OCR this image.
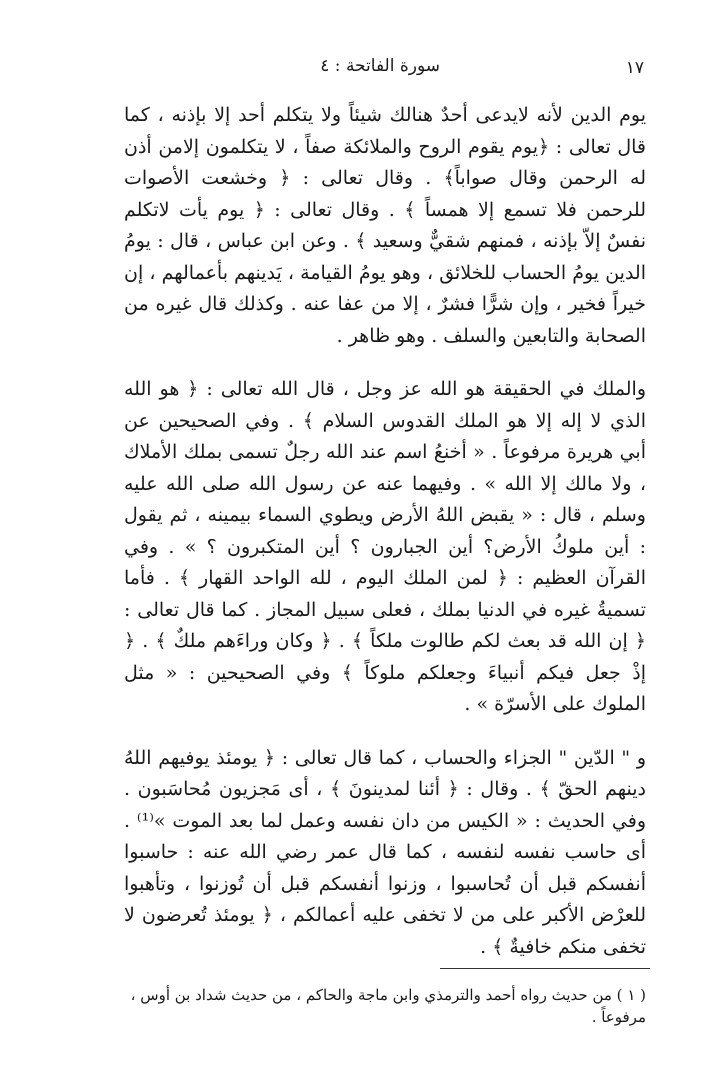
١٧
سورة الفاتحة : ٤

يوم الدين لأنه لايدعى أحدٌ هنالك شيئاً ولا يتكلم أحد إلا بإذنه ، كما قال تعالى : ﴿يوم يقوم الروح والملائكة صفاً ، لا يتكلمون إلامن أذن له الرحمن وقال صواباً﴾ . وقال تعالى : ﴿ وخشعت الأصوات للرحمن فلا تسمع إلا همساً ﴾ . وقال تعالى : ﴿ يوم يأت لاتكلم نفسٌ إلاّ بإذنه ، فمنهم شقيٌّ وسعيد ﴾ . وعن ابن عباس ، قال : يومُ الدين يومُ الحساب للخلائق ، وهو يومُ القيامة ، يَدينهم بأعمالهم ، إن خيراً فخير ، وإن شرًّا فشرٌ ، إلا من عفا عنه . وكذلك قال غيره من الصحابة والتابعين والسلف . وهو ظاهر .

والملك في الحقيقة هو الله عز وجل ، قال الله تعالى : ﴿ هو الله الذي لا إله إلا هو الملك القدوس السلام ﴾ . وفي الصحيحين عن أبي هريرة مرفوعاً . « أخنعُ اسم عند الله رجلٌ تسمى بملك الأملاك ، ولا مالك إلا الله » . وفيهما عنه عن رسول الله صلى الله عليه وسلم ، قال : « يقبض اللهُ الأرض ويطوي السماء بيمينه ، ثم يقول : أين ملوكُ الأرض؟ أين الجبارون ؟ أين المتكبرون ؟ » . وفي القرآن العظيم : ﴿ لمن الملك اليوم ، لله الواحد القهار ﴾ . فأما تسميةُ غيره في الدنيا بملك ، فعلى سبيل المجاز . كما قال تعالى : ﴿ إن الله قد بعث لكم طالوت ملكاً ﴾ . ﴿ وكان وراءَهم ملكٌ ﴾ . ﴿ إذْ جعل فيكم أنبياءَ وجعلكم ملوكاً ﴾ وفي الصحيحين : « مثل الملوك على الأسرّة » .

و " الدّين " الجزاء والحساب ، كما قال تعالى : ﴿ يومئذ يوفيهم اللهُ دينهم الحقّ ﴾ . وقال : ﴿ أئنا لمدينونَ ﴾ ، أى مَجزيون مُحاسَبون . وفي الحديث : « الكيس من دان نفسه وعمل لما بعد الموت »⁽¹⁾ . أى حاسب نفسه لنفسه ، كما قال عمر رضي الله عنه : حاسبوا أنفسكم قبل أن تُحاسبوا ، وزنوا أنفسكم قبل أن تُوزنوا ، وتأهبوا للعرْض الأكبر على من لا تخفى عليه أعمالكم ، ﴿ يومئذ تُعرضون لا تخفى منكم خافيةٌ ﴾ .

( ١ ) من حديث رواه أحمد والترمذي وابن ماجة والحاكم ، من حديث شداد بن أوس ، مرفوعاً .
